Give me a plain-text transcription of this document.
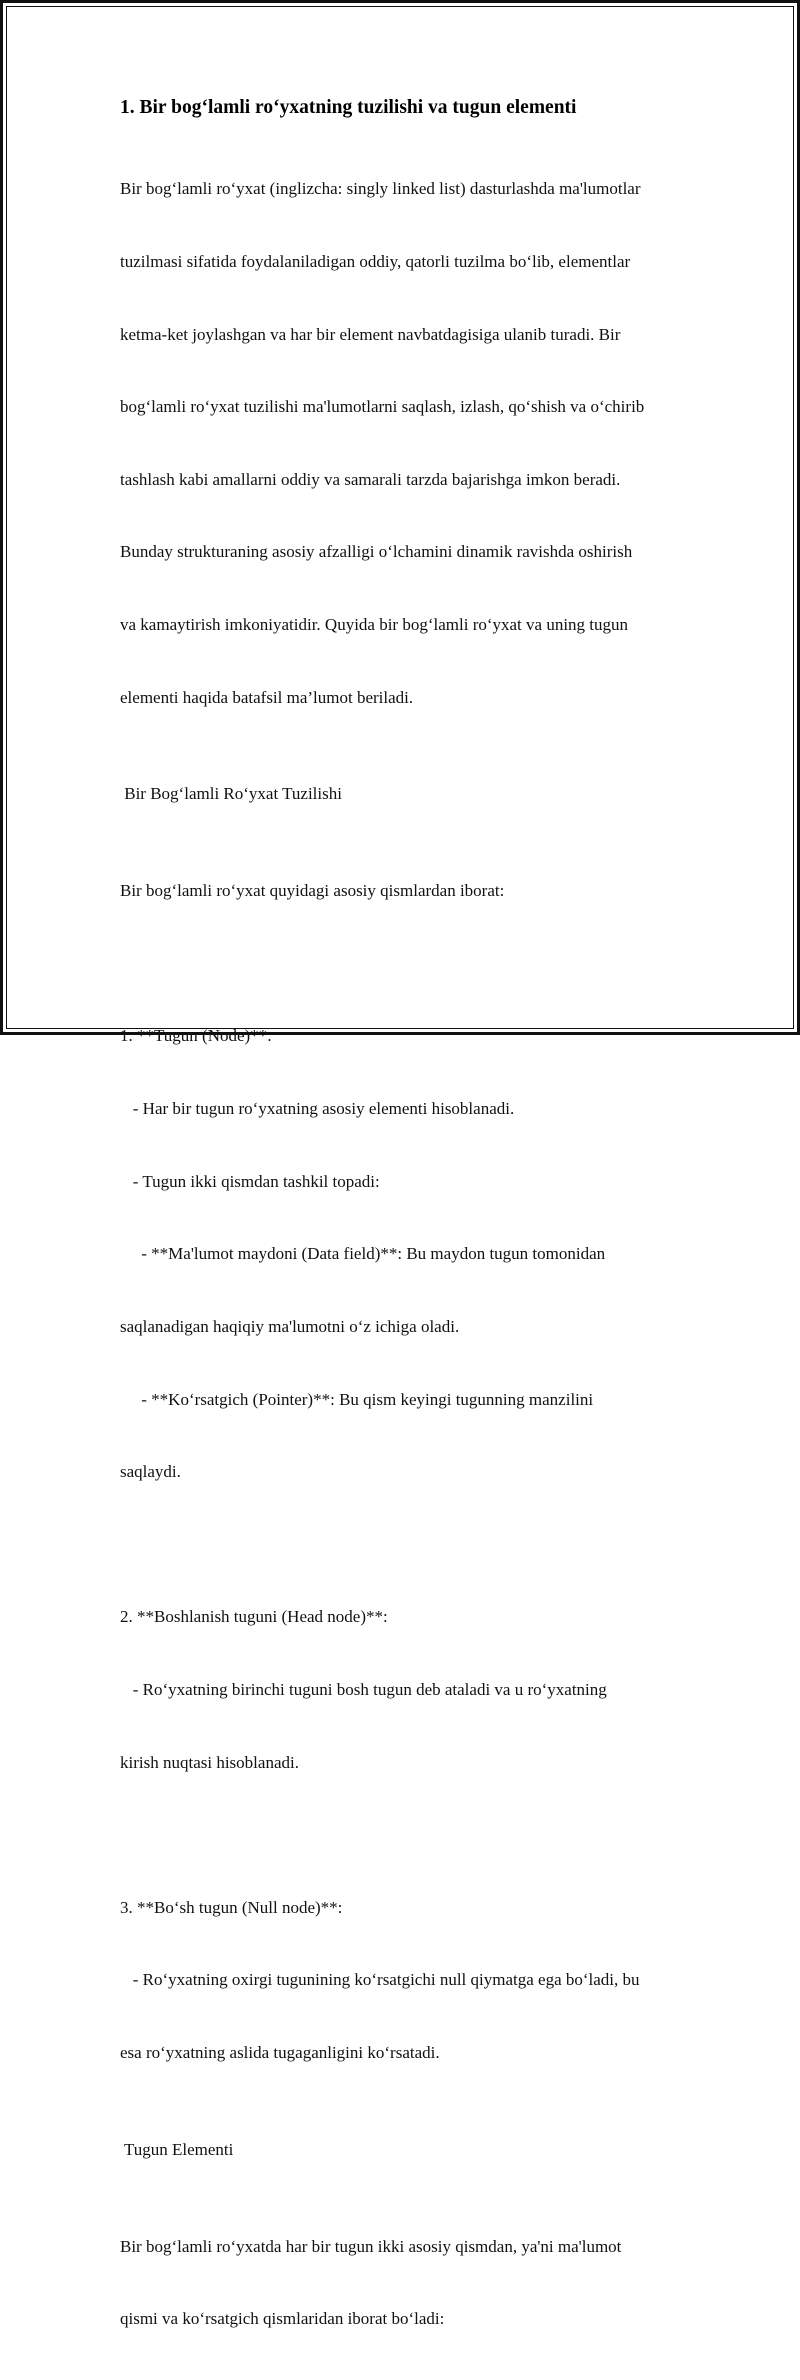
1. Bir bog‘lamli ro‘yxatning tuzilishi va tugun elementi

Bir bog‘lamli ro‘yxat (inglizcha: singly linked list) dasturlashda ma'lumotlar

tuzilmasi sifatida foydalaniladigan oddiy, qatorli tuzilma bo‘lib, elementlar

ketma-ket joylashgan va har bir element navbatdagisiga ulanib turadi. Bir

bog‘lamli ro‘yxat tuzilishi ma'lumotlarni saqlash, izlash, qo‘shish va o‘chirib

tashlash kabi amallarni oddiy va samarali tarzda bajarishga imkon beradi.

Bunday strukturaning asosiy afzalligi o‘lchamini dinamik ravishda oshirish

va kamaytirish imkoniyatidir. Quyida bir bog‘lamli ro‘yxat va uning tugun

elementi haqida batafsil ma’lumot beriladi.

Bir Bog‘lamli Ro‘yxat Tuzilishi

Bir bog‘lamli ro‘yxat quyidagi asosiy qismlardan iborat:

1. **Tugun (Node)**:

- Har bir tugun ro‘yxatning asosiy elementi hisoblanadi.

- Tugun ikki qismdan tashkil topadi:

- **Ma'lumot maydoni (Data field)**: Bu maydon tugun tomonidan

saqlanadigan haqiqiy ma'lumotni o‘z ichiga oladi.

- **Ko‘rsatgich (Pointer)**: Bu qism keyingi tugunning manzilini

saqlaydi.

2. **Boshlanish tuguni (Head node)**:

- Ro‘yxatning birinchi tuguni bosh tugun deb ataladi va u ro‘yxatning

kirish nuqtasi hisoblanadi.

3. **Bo‘sh tugun (Null node)**:

- Ro‘yxatning oxirgi tugunining ko‘rsatgichi null qiymatga ega bo‘ladi, bu

esa ro‘yxatning aslida tugaganligini ko‘rsatadi.

Tugun Elementi

Bir bog‘lamli ro‘yxatda har bir tugun ikki asosiy qismdan, ya'ni ma'lumot

qismi va ko‘rsatgich qismlaridan iborat bo‘ladi:
